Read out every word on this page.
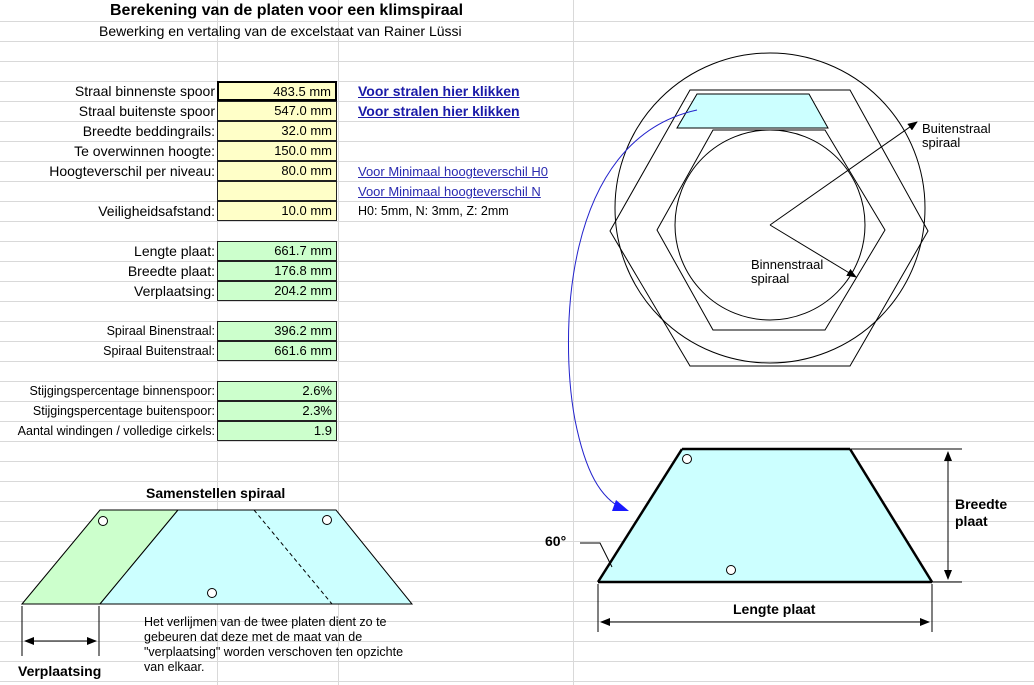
Berekening van de platen voor een klimspiraal
Bewerking en vertaling van de excelstaat van Rainer Lüssi
Straal binnenste spoor
Straal buitenste spoor
Breedte beddingrails:
Te overwinnen hoogte:
Hoogteverschil per niveau:
Veiligheidsafstand:
483.5 mm
547.0 mm
32.0 mm
150.0 mm
80.0 mm
10.0 mm
Lengte plaat:
Breedte plaat:
Verplaatsing:
661.7 mm
176.8 mm
204.2 mm
Spiraal Binenstraal:
Spiraal Buitenstraal:
396.2 mm
661.6 mm
Stijgingspercentage binnenspoor:
Stijgingspercentage buitenspoor:
Aantal windingen / volledige cirkels:
2.6%
2.3%
1.9
Voor stralen hier klikken
Voor stralen hier klikken
Voor Minimaal hoogteverschil H0
Voor Minimaal hoogteverschil N
H0: 5mm, N: 3mm, Z: 2mm
Buitenstraal
spiraal
Binnenstraal
spiraal
Samenstellen spiraal
Verplaatsing
Het verlijmen van de twee platen dient zo te gebeuren dat deze met de maat van de "verplaatsing" worden verschoven ten opzichte van elkaar.
60°
Breedte
plaat
Lengte plaat
